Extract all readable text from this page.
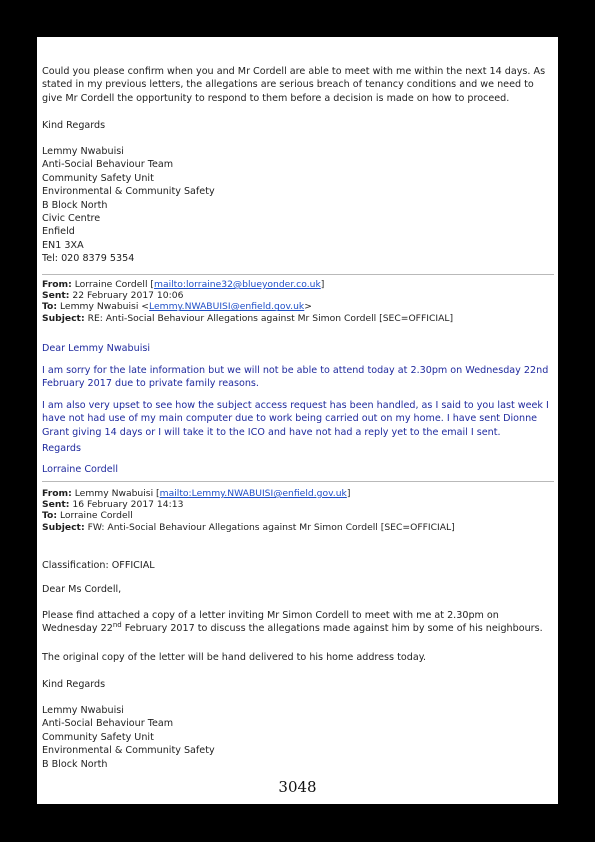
Could you please confirm when you and Mr Cordell are able to meet with me within the next 14 days. As stated in my previous letters, the allegations are serious breach of tenancy conditions and we need to give Mr Cordell the opportunity to respond to them before a decision is made on how to proceed.
Kind Regards
Lemmy Nwabuisi
Anti-Social Behaviour Team
Community Safety Unit
Environmental & Community Safety
B Block North
Civic Centre
Enfield
EN1 3XA
Tel: 020 8379 5354
From: Lorraine Cordell [mailto:lorraine32@blueyonder.co.uk]
Sent: 22 February 2017 10:06
To: Lemmy Nwabuisi <Lemmy.NWABUISI@enfield.gov.uk>
Subject: RE: Anti-Social Behaviour Allegations against Mr Simon Cordell [SEC=OFFICIAL]
Dear Lemmy Nwabuisi
I am sorry for the late information but we will not be able to attend today at 2.30pm on Wednesday 22nd February 2017 due to private family reasons.
I am also very upset to see how the subject access request has been handled, as I said to you last week I have not had use of my main computer due to work being carried out on my home. I have sent Dionne Grant giving 14 days or I will take it to the ICO and have not had a reply yet to the email I sent.
Regards
Lorraine Cordell
From: Lemmy Nwabuisi [mailto:Lemmy.NWABUISI@enfield.gov.uk]
Sent: 16 February 2017 14:13
To: Lorraine Cordell
Subject: FW: Anti-Social Behaviour Allegations against Mr Simon Cordell [SEC=OFFICIAL]
Classification: OFFICIAL
Dear Ms Cordell,
Please find attached a copy of a letter inviting Mr Simon Cordell to meet with me at 2.30pm on Wednesday 22nd February 2017 to discuss the allegations made against him by some of his neighbours.
The original copy of the letter will be hand delivered to his home address today.
Kind Regards
Lemmy Nwabuisi
Anti-Social Behaviour Team
Community Safety Unit
Environmental & Community Safety
B Block North
3048
